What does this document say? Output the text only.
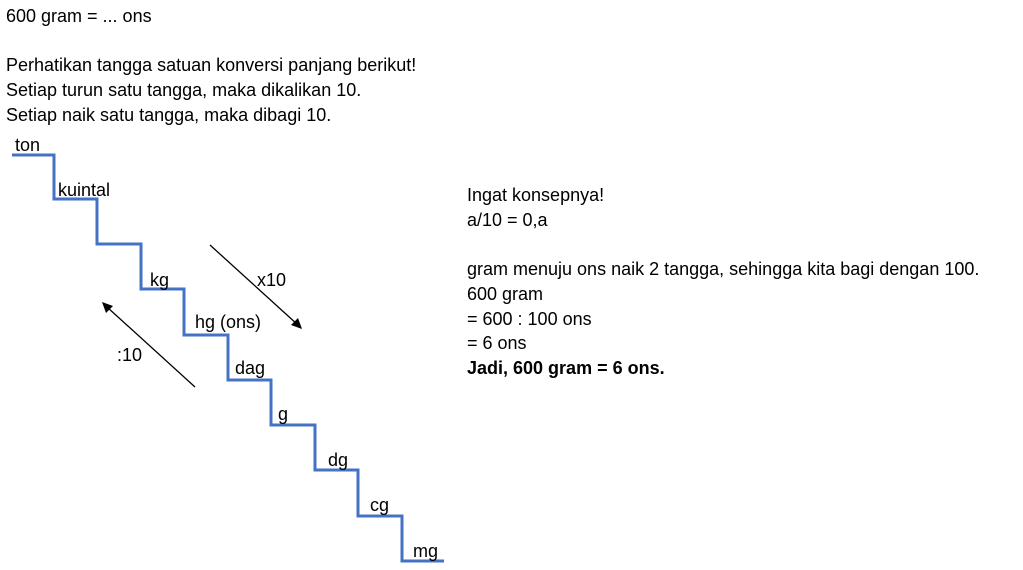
600 gram = ... ons
Perhatikan tangga satuan konversi panjang berikut!
Setiap turun satu tangga, maka dikalikan 10.
Setiap naik satu tangga, maka dibagi 10.
ton
kuintal
kg
hg (ons)
dag
g
dg
cg
mg
x10
:10
Ingat konsepnya!
a/10 = 0,a
gram menuju ons naik 2 tangga, sehingga kita bagi dengan 100.
600 gram
= 600 : 100 ons
= 6 ons
Jadi, 600 gram = 6 ons.
